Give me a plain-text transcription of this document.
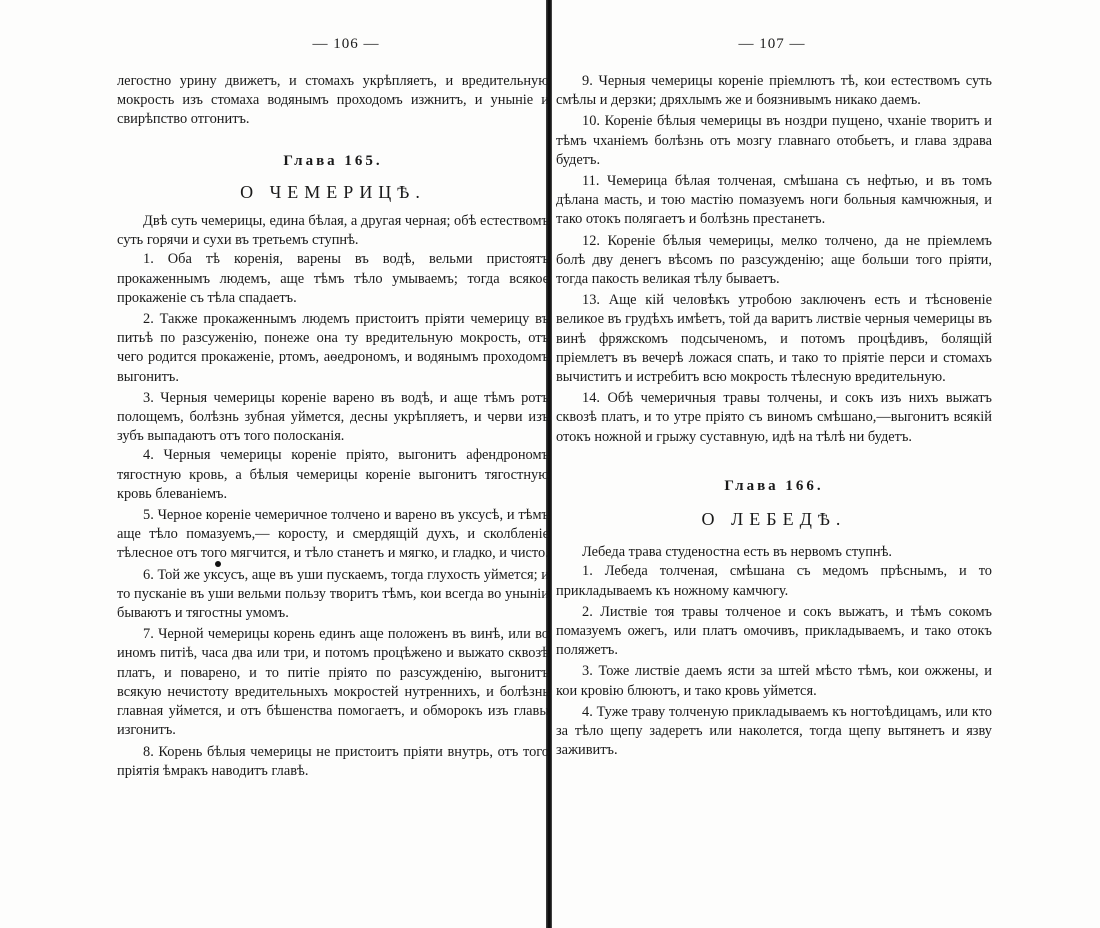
— 106 —	— 107 —

легостно урину движетъ, и стомахъ укрѣпляетъ, и вредительную мокрость изъ стомаха водянымъ проходомъ изжнитъ, и уныніе и свирѣпство отгонитъ.

Глава 165.

О ЧЕМЕРИЦѢ.

Двѣ суть чемерицы, едина бѣлая, а другая черная; обѣ естествомъ суть горячи и сухи въ третьемъ ступнѣ.

1. Оба тѣ коренія, варены въ водѣ, вельми пристоятъ прокаженнымъ людемъ, аще тѣмъ тѣло умываемъ; тогда всякое прокаженіе съ тѣла спадаетъ.

2. Также прокаженнымъ людемъ пристоитъ пріяти чемерицу въ питьѣ по разсуженію, понеже она ту вредительную мокрость, отъ чего родится прокаженіе, ртомъ, аѳедрономъ, и водянымъ проходомъ выгонитъ.

3. Черныя чемерицы кореніе варено въ водѣ, и аще тѣмъ ротъ полощемъ, болѣзнь зубная уймется, десны укрѣпляетъ, и черви изъ зубъ выпадаютъ отъ того полосканія.

4. Черныя чемерицы кореніе пріято, выгонитъ афендрономъ тягостную кровь, а бѣлыя чемерицы кореніе выгонитъ тягостную кровь блеваніемъ.

5. Черное кореніе чемеричное толчено и варено въ уксусѣ, и тѣмъ аще тѣло помазуемъ,— коросту, и смердящій духъ, и сколбленіе тѣлесное отъ того мягчится, и тѣло станетъ и мягко, и гладко, и чисто.

6. Той же уксусъ, аще въ уши пускаемъ, тогда глухость уймется; и то пусканіе въ уши вельми пользу творитъ тѣмъ, кои всегда во уныніи бываютъ и тягостны умомъ.

7. Черной чемерицы корень единъ аще положенъ въ винѣ, или во иномъ питіѣ, часа два или три, и потомъ процѣжено и выжато сквозѣ платъ, и поварено, и то питіе пріято по разсужденію, выгонитъ всякую нечистоту вредительныхъ мокростей нутреннихъ, и болѣзнь главная уймется, и отъ бѣшенства помогаетъ, и обморокъ изъ главы изгонитъ.

8. Корень бѣлыя чемерицы не пристоитъ пріяти внутрь, отъ того пріятія ѣмракъ наводитъ главѣ.

9. Черныя чемерицы кореніе пріемлютъ тѣ, кои естествомъ суть смѣлы и дерзки; дряхлымъ же и боязнивымъ никако даемъ.

10. Кореніе бѣлыя чемерицы въ ноздри пущено, чханіе творитъ и тѣмъ чханіемъ болѣзнь отъ мозгу главнаго отобьетъ, и глава здрава будетъ.

11. Чемерица бѣлая толченая, смѣшана съ нефтью, и въ томъ дѣлана масть, и тою мастію помазуемъ ноги больныя камчюжныя, и тако отокъ полягаетъ и болѣзнь престанетъ.

12. Кореніе бѣлыя чемерицы, мелко толчено, да не пріемлемъ болѣ дву денегъ вѣсомъ по разсужденію; аще больши того пріяти, тогда пакость великая тѣлу бываетъ.

13. Аще кій человѣкъ утробою заключенъ есть и тѣсновеніе великое въ грудѣхъ имѣетъ, той да варитъ листвіе черныя чемерицы въ винѣ фряжскомъ подсыченомъ, и потомъ процѣдивъ, болящій пріемлетъ въ вечерѣ ложася спать, и тако то пріятіе перси и стомахъ вычиститъ и истребитъ всю мокрость тѣлесную вредительную.

14. Обѣ чемеричныя травы толчены, и сокъ изъ нихъ выжатъ сквозѣ платъ, и то утре пріято съ виномъ смѣшано,—выгонитъ всякій отокъ ножной и грыжу суставную, идѣ на тѣлѣ ни будетъ.

Глава 166.

О ЛЕБЕДѢ.

Лебеда трава студеностна есть въ нервомъ ступнѣ.

1. Лебеда толченая, смѣшана съ медомъ прѣснымъ, и то прикладываемъ къ ножному камчюгу.

2. Листвіе тоя травы толченое и сокъ выжатъ, и тѣмъ сокомъ помазуемъ ожегъ, или платъ омочивъ, прикладываемъ, и тако отокъ поляжетъ.

3. Тоже листвіе даемъ ясти за штей мѣсто тѣмъ, кои ожжены, и кои кровію блюютъ, и тако кровь уймется.

4. Туже траву толченую прикладываемъ къ ногтоѣдицамъ, или кто за тѣло щепу задеретъ или наколется, тогда щепу вытянетъ и язву заживитъ.
